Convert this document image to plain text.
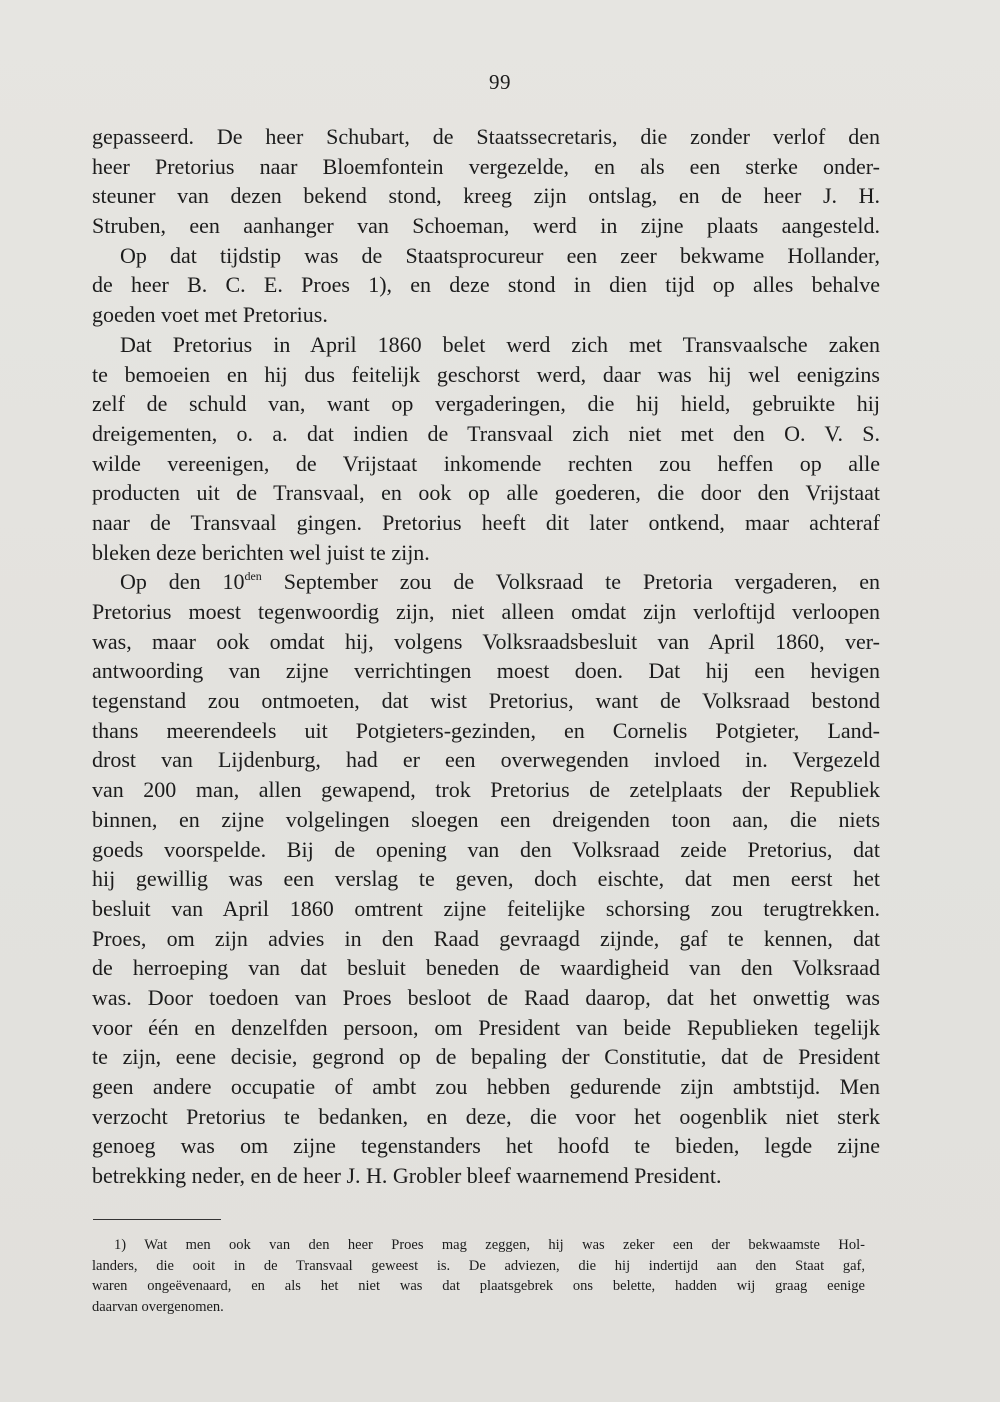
99
gepasseerd. De heer Schubart, de Staatssecretaris, die zonder verlof den
heer Pretorius naar Bloemfontein vergezelde, en als een sterke onder-
steuner van dezen bekend stond, kreeg zijn ontslag, en de heer J. H.
Struben, een aanhanger van Schoeman, werd in zijne plaats aangesteld.
Op dat tijdstip was de Staatsprocureur een zeer bekwame Hollander,
de heer B. C. E. Proes 1), en deze stond in dien tijd op alles behalve
goeden voet met Pretorius.
Dat Pretorius in April 1860 belet werd zich met Transvaalsche zaken
te bemoeien en hij dus feitelijk geschorst werd, daar was hij wel eenigzins
zelf de schuld van, want op vergaderingen, die hij hield, gebruikte hij
dreigementen, o. a. dat indien de Transvaal zich niet met den O. V. S.
wilde vereenigen, de Vrijstaat inkomende rechten zou heffen op alle
producten uit de Transvaal, en ook op alle goederen, die door den Vrijstaat
naar de Transvaal gingen. Pretorius heeft dit later ontkend, maar achteraf
bleken deze berichten wel juist te zijn.
Op den $10^{den}$ September zou de Volksraad te Pretoria vergaderen, en
Pretorius moest tegenwoordig zijn, niet alleen omdat zijn verloftijd verloopen
was, maar ook omdat hij, volgens Volksraadsbesluit van April 1860, ver-
antwoording van zijne verrichtingen moest doen. Dat hij een hevigen
tegenstand zou ontmoeten, dat wist Pretorius, want de Volksraad bestond
thans meerendeels uit Potgieters-gezinden, en Cornelis Potgieter, Land-
drost van Lijdenburg, had er een overwegenden invloed in. Vergezeld
van 200 man, allen gewapend, trok Pretorius de zetelplaats der Republiek
binnen, en zijne volgelingen sloegen een dreigenden toon aan, die niets
goeds voorspelde. Bij de opening van den Volksraad zeide Pretorius, dat
hij gewillig was een verslag te geven, doch eischte, dat men eerst het
besluit van April 1860 omtrent zijne feitelijke schorsing zou terugtrekken.
Proes, om zijn advies in den Raad gevraagd zijnde, gaf te kennen, dat
de herroeping van dat besluit beneden de waardigheid van den Volksraad
was. Door toedoen van Proes besloot de Raad daarop, dat het onwettig was
voor één en denzelfden persoon, om President van beide Republieken tegelijk
te zijn, eene decisie, gegrond op de bepaling der Constitutie, dat de President
geen andere occupatie of ambt zou hebben gedurende zijn ambtstijd. Men
verzocht Pretorius te bedanken, en deze, die voor het oogenblik niet sterk
genoeg was om zijne tegenstanders het hoofd te bieden, legde zijne
betrekking neder, en de heer J. H. Grobler bleef waarnemend President.
1) Wat men ook van den heer Proes mag zeggen, hij was zeker een der bekwaamste Hol-
landers, die ooit in de Transvaal geweest is. De adviezen, die hij indertijd aan den Staat gaf,
waren ongeëvenaard, en als het niet was dat plaatsgebrek ons belette, hadden wij graag eenige
daarvan overgenomen.
